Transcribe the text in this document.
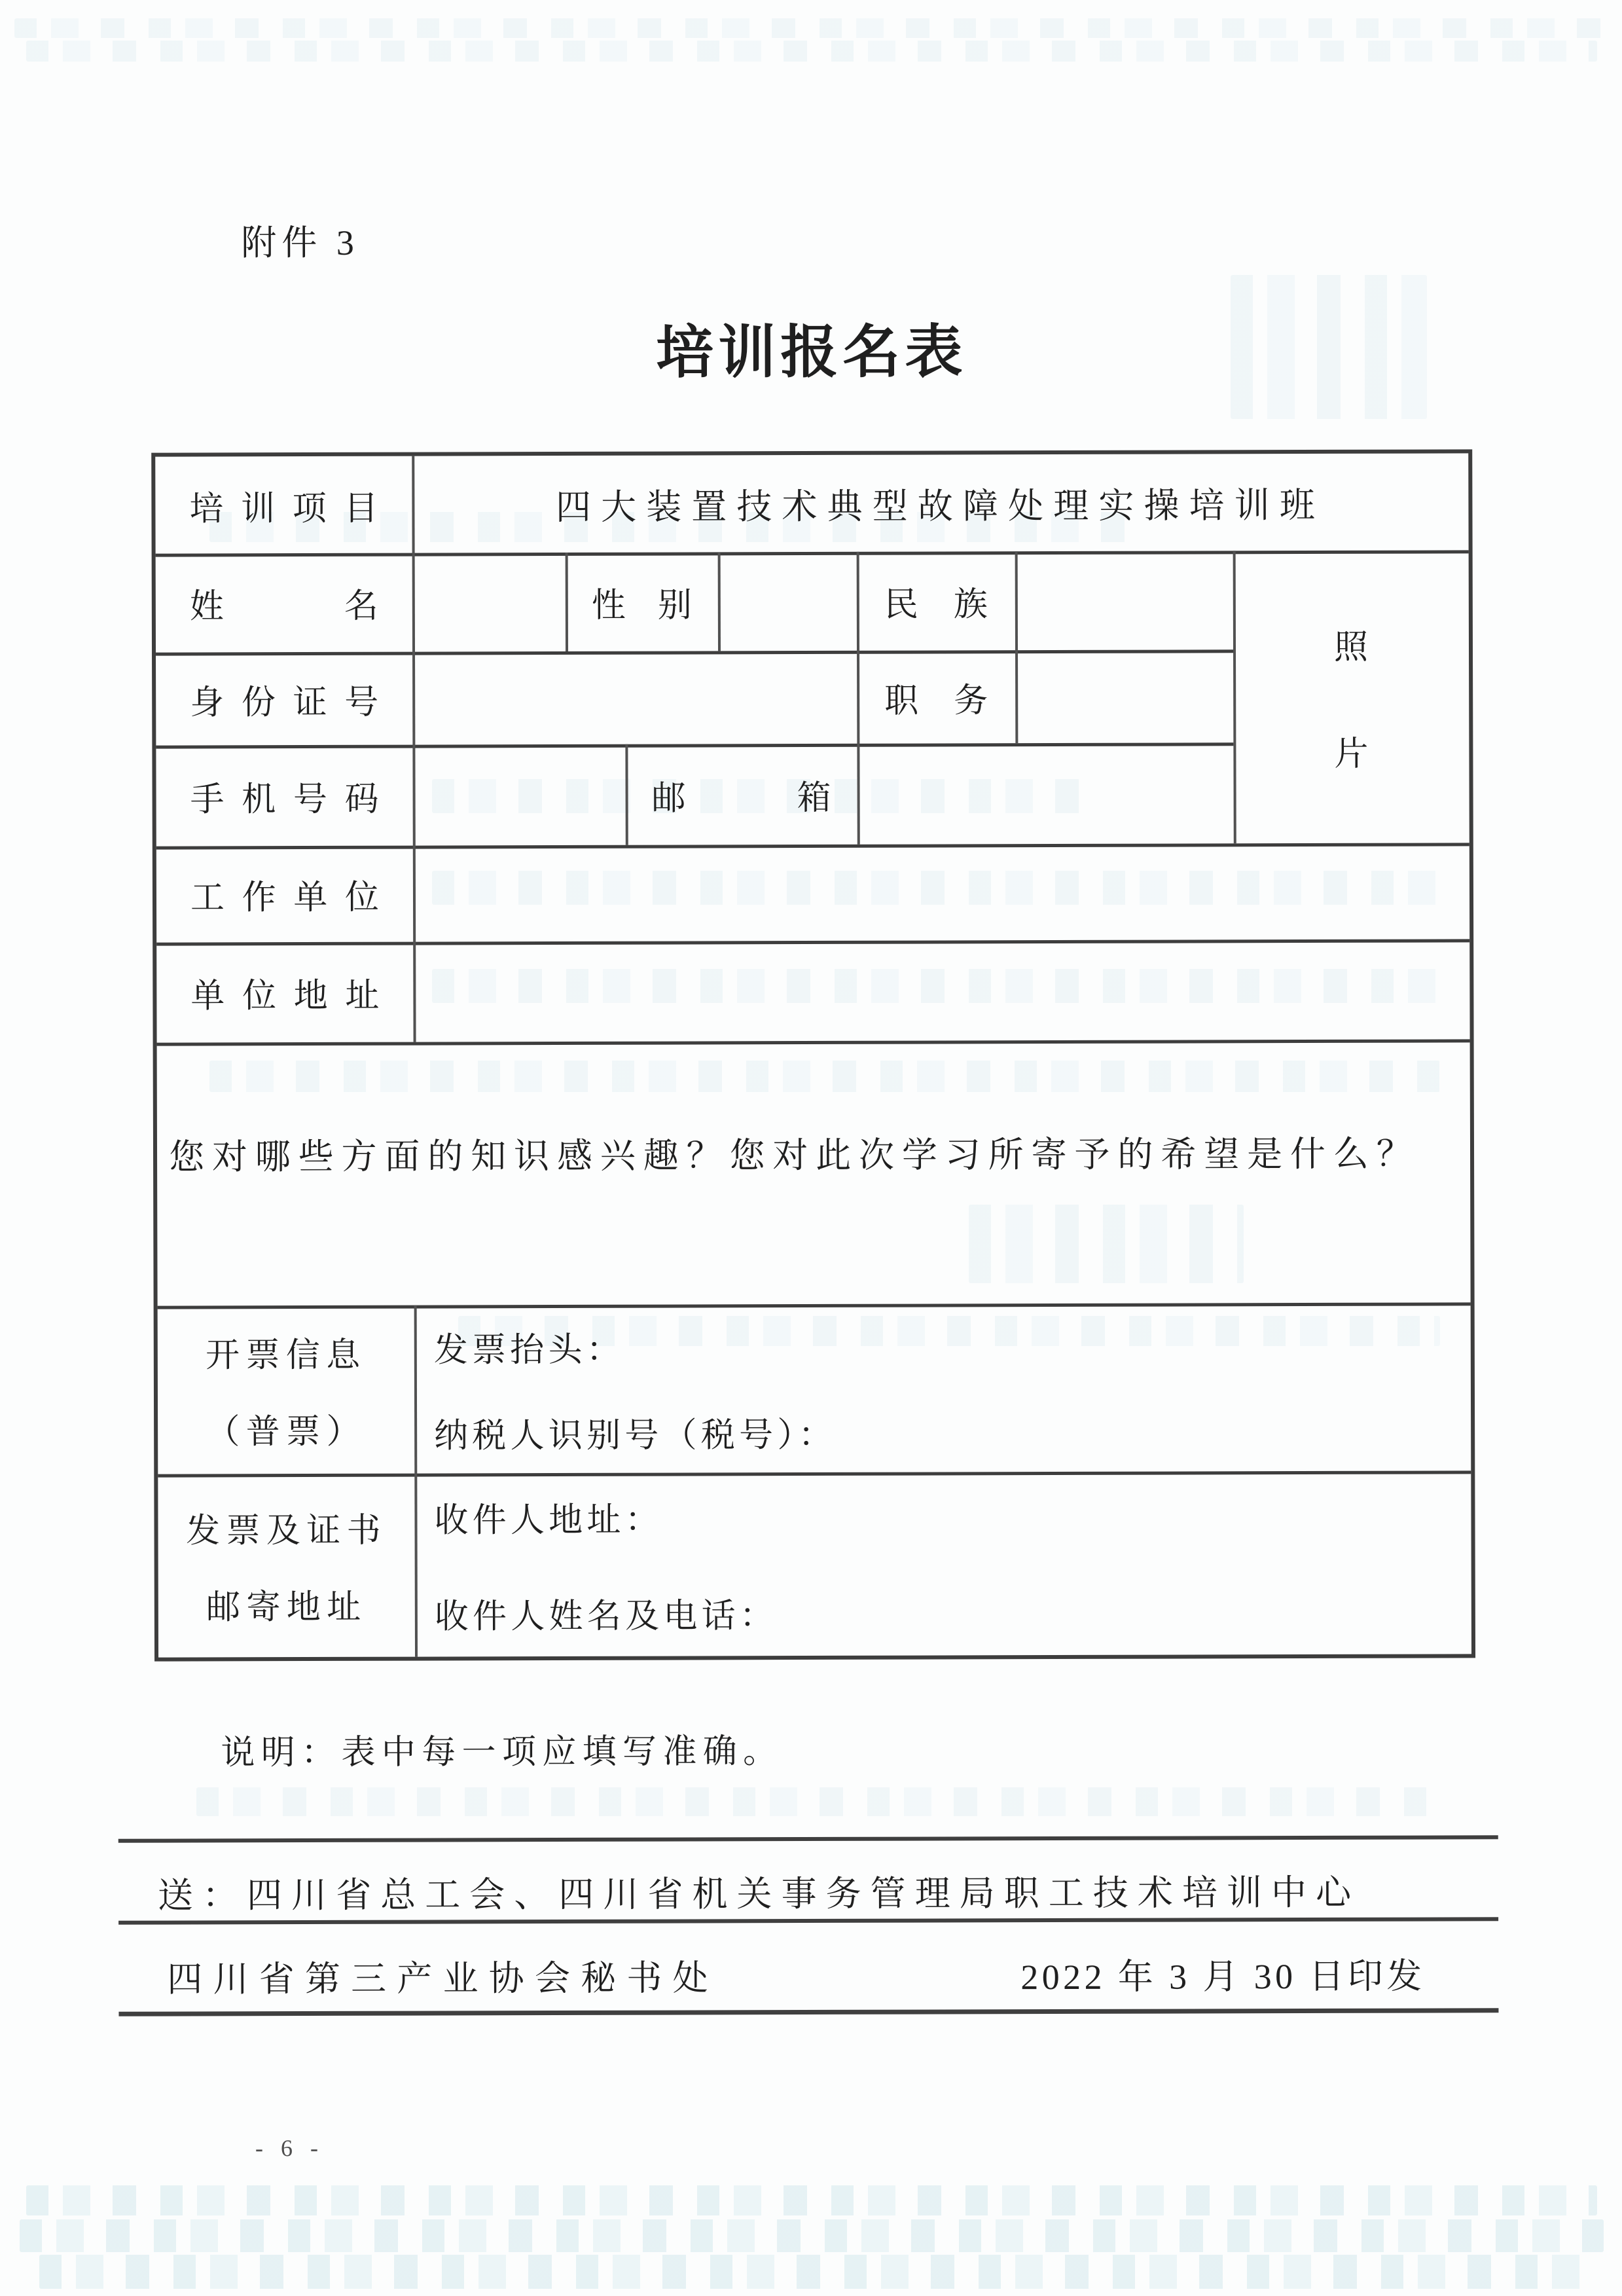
附件 3
培训报名表
培训项目	四大装置技术典型故障处理实操培训班
姓名	性别	民族
照
片
身份证号	职务
手机号码	邮箱
工作单位
单位地址
您对哪些方面的知识感兴趣？您对此次学习所寄予的希望是什么？
开票信息
（普票）
发票抬头：
纳税人识别号（税号）：
发票及证书
邮寄地址
收件人地址：
收件人姓名及电话：
说明：表中每一项应填写准确。
送：四川省总工会、四川省机关事务管理局职工技术培训中心
四川省第三产业协会秘书处	2022 年 3 月 30 日印发
- 6 -
